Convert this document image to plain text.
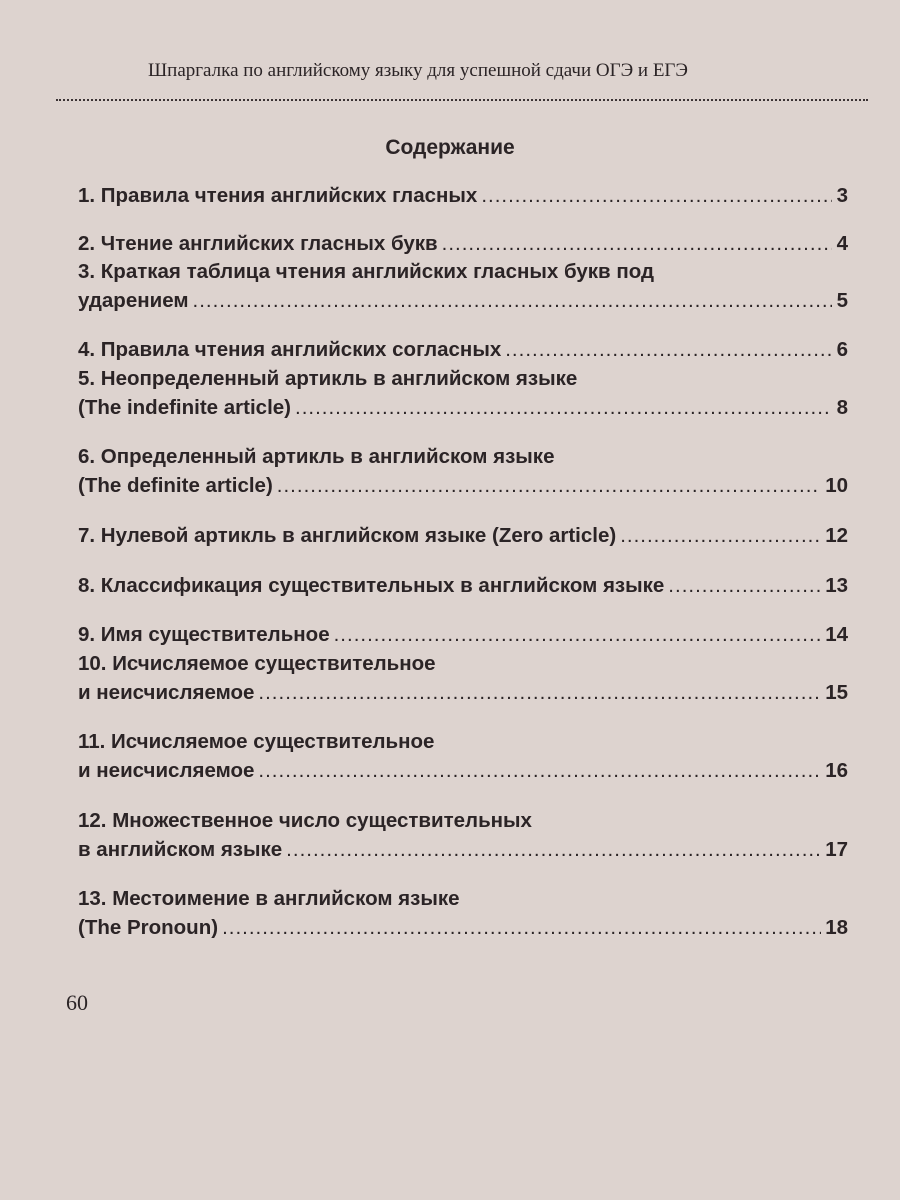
Шпаргалка по английскому языку для успешной сдачи ОГЭ и ЕГЭ
Содержание
1. Правила чтения английских гласных .....	3
2. Чтение английских гласных букв .....	4
3. Краткая таблица чтения английских гласных букв под
ударением .....	5
4. Правила чтения английских согласных .....	6
5. Неопределенный артикль в английском языке
(The indefinite article) .....	8
6. Определенный артикль в английском языке
(The definite article) .....	10
7. Нулевой артикль в английском языке (Zero article) .....	12
8. Классификация существительных в английском языке .....	13
9. Имя существительное .....	14
10. Исчисляемое существительное
и неисчисляемое .....	15
11. Исчисляемое существительное
и неисчисляемое .....	16
12. Множественное число существительных
в английском языке .....	17
13. Местоимение в английском языке
(The Pronoun) .....	18
60
